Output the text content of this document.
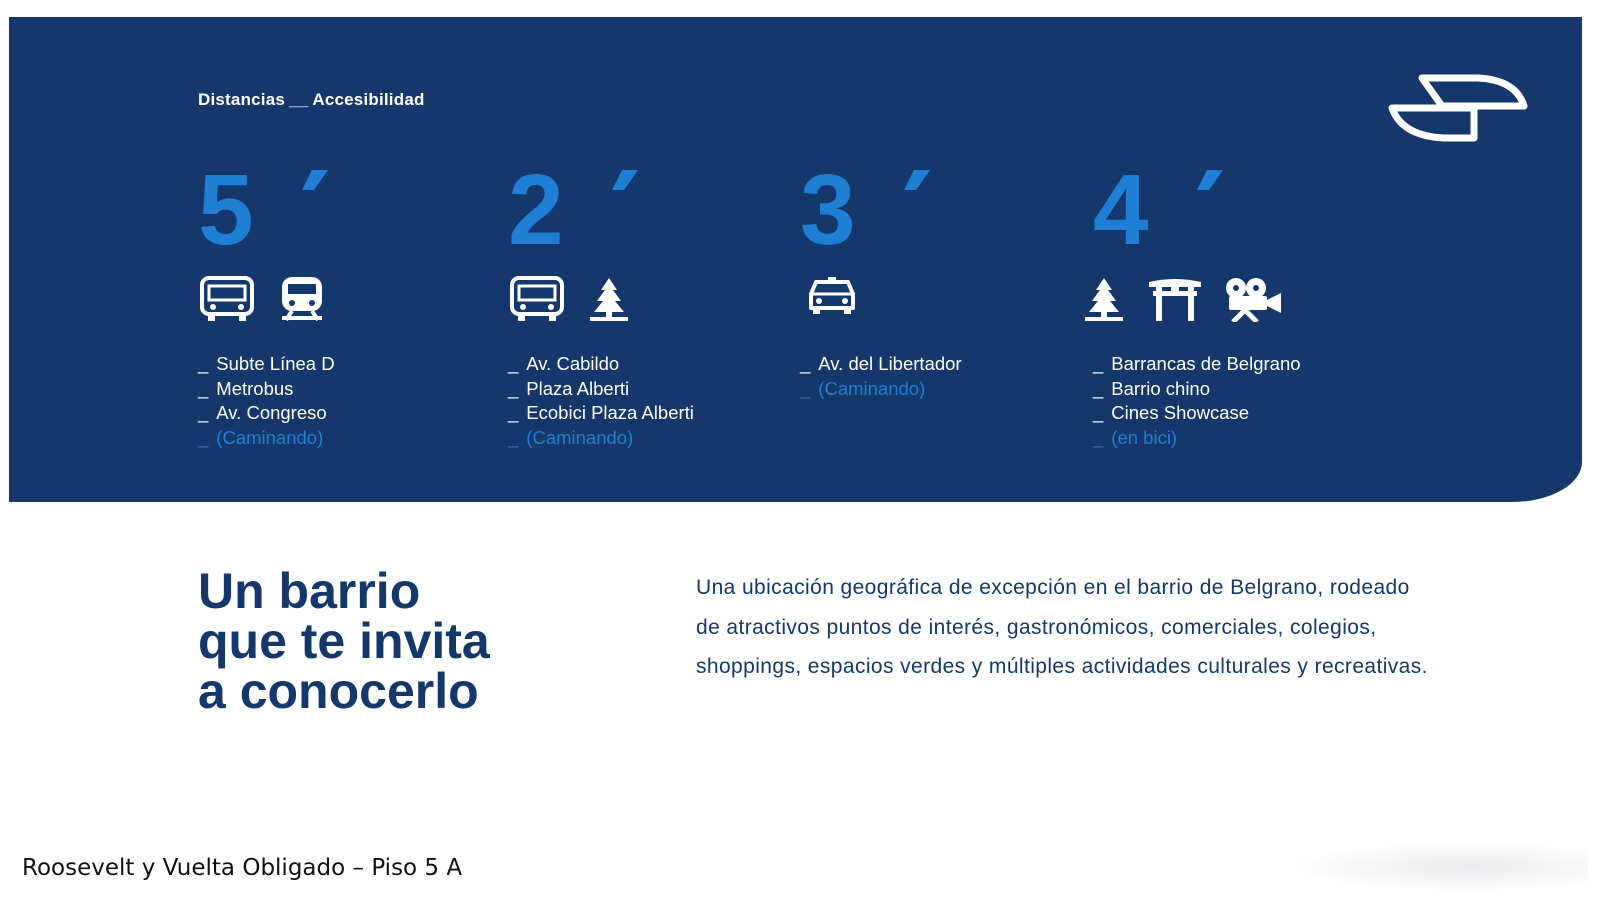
Distancias __ Accesibilidad
5
_ Subte Línea D
_ Metrobus
_ Av. Congreso
_ (Caminando)
2
_ Av. Cabildo
_ Plaza Alberti
_ Ecobici Plaza Alberti
_ (Caminando)
3
_ Av. del Libertador
_ (Caminando)
4
_ Barrancas de Belgrano
_ Barrio chino
_ Cines Showcase
_ (en bici)
Un barrio
que te invita
a conocerlo

Una ubicación geográfica de excepción en el barrio de Belgrano, rodeado de atractivos puntos de interés, gastronómicos, comerciales, colegios, shoppings, espacios verdes y múltiples actividades culturales y recreativas.

Roosevelt y Vuelta Obligado – Piso 5 A
